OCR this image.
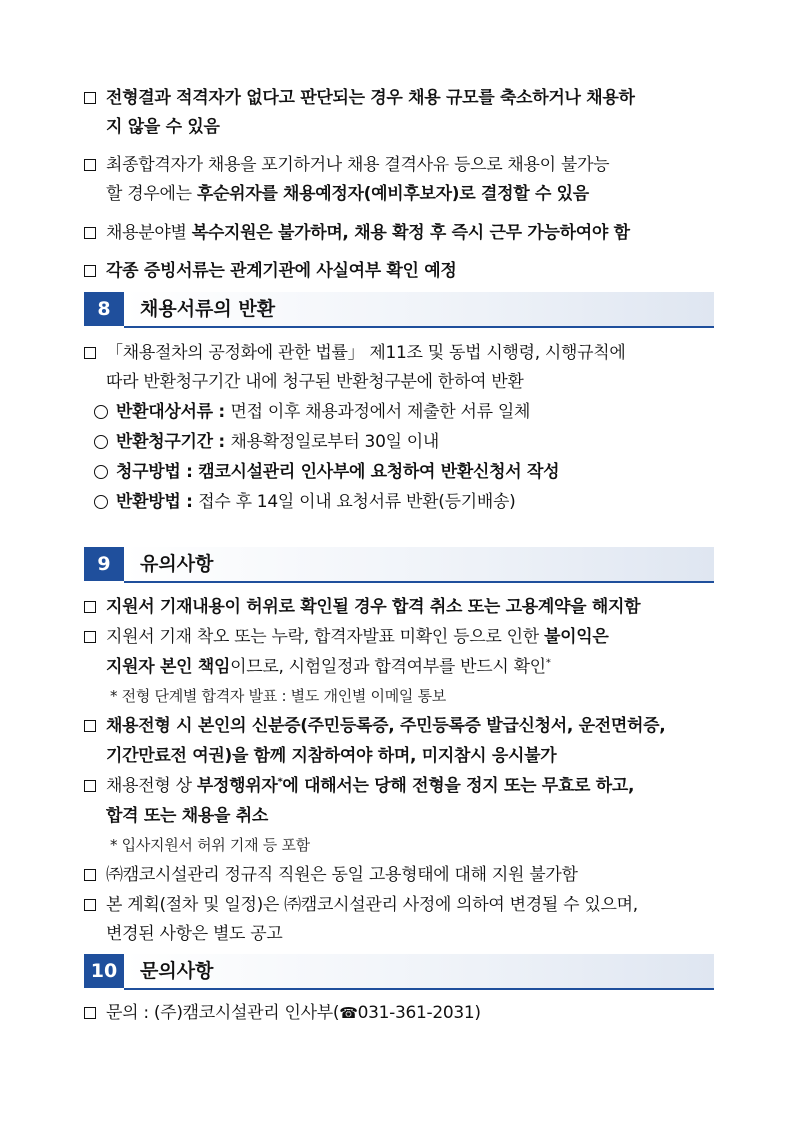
전형결과 적격자가 없다고 판단되는 경우 채용 규모를 축소하거나 채용하
지 않을 수 있음
최종합격자가 채용을 포기하거나 채용 결격사유 등으로 채용이 불가능
할 경우에는 후순위자를 채용예정자(예비후보자)로 결정할 수 있음
채용분야별 복수지원은 불가하며, 채용 확정 후 즉시 근무 가능하여야 함
각종 증빙서류는 관계기관에 사실여부 확인 예정
8	채용서류의 반환
「채용절차의 공정화에 관한 법률」 제11조 및 동법 시행령, 시행규칙에
따라 반환청구기간 내에 청구된 반환청구분에 한하여 반환
반환대상서류 : 면접 이후 채용과정에서 제출한 서류 일체
반환청구기간 : 채용확정일로부터 30일 이내
청구방법 : 캠코시설관리 인사부에 요청하여 반환신청서 작성
반환방법 : 접수 후 14일 이내 요청서류 반환(등기배송)
9	유의사항
지원서 기재내용이 허위로 확인될 경우 합격 취소 또는 고용계약을 해지함
지원서 기재 착오 또는 누락, 합격자발표 미확인 등으로 인한 불이익은
지원자 본인 책임이므로, 시험일정과 합격여부를 반드시 확인*
* 전형 단계별 합격자 발표 : 별도 개인별 이메일 통보
채용전형 시 본인의 신분증(주민등록증, 주민등록증 발급신청서, 운전면허증,
기간만료전 여권)을 함께 지참하여야 하며, 미지참시 응시불가
채용전형 상 부정행위자*에 대해서는 당해 전형을 정지 또는 무효로 하고,
합격 또는 채용을 취소
* 입사지원서 허위 기재 등 포함
㈜캠코시설관리 정규직 직원은 동일 고용형태에 대해 지원 불가함
본 계획(절차 및 일정)은 ㈜캠코시설관리 사정에 의하여 변경될 수 있으며,
변경된 사항은 별도 공고
10	문의사항
문의 : (주)캠코시설관리 인사부(☎031-361-2031)
